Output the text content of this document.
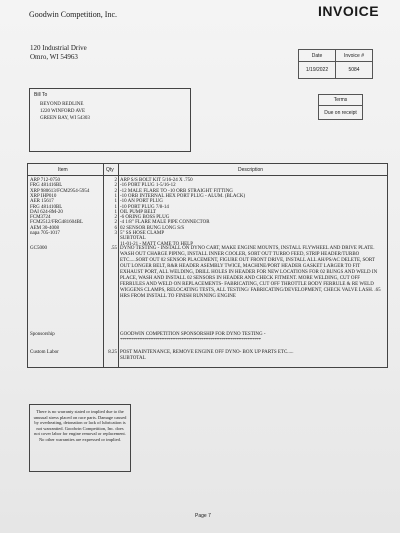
Goodwin Competition, Inc.
120 Industrial Drive
Omro, WI 54963
INVOICE
Date	Invoice #
1/19/2022	5084
Bill To
BEYOND REDLINE
1220 WINFORD AVE
GREEN BAY, WI 54303
Terms
Due on receipt
Item	Qty	Description
ARP 712-0750	2 ARP S/S BOLT KIT 5/16-24 X .750
FRG 481416BL	2 -16 PORT PLUG 1-5/16-12
XRP 980613/FCM2954-5954	2 -12 MALE FLARE TO -10 ORB STRAIGHT FITTING
XRP IHP010	1 -10 ORB INTERNAL HEX PORT PLUG - ALUM. (BLACK)
AER 15617	1 -10 AN PORT PLUG
FRG 481410BL	1 -10 PORT PLUG 7/8-14
DAI 624-8M-20	1 OIL PUMP BELT
FCM3724	2 -6 ORING BOSS PLUG
FCM2512/FRG481604BL	2 -4 1/8" FLARE MALE PIPE CONNECTOR
AEM 30-4008	6 02 SENSOR BUNG LONG S/S
napa 705-1017	3 5" SS HOSE CLAMP
SUBTOTAL
11-01-21 - MATT CAME TO HELP
GC5000	.55 DYNO TESTING - INSTALL ON DYNO CART, MAKE ENGINE MOUNTS, INSTALL FLYWHEEL AND DRIVE PLATE. WASH OUT CHARGE PIPING, INSTALL INNER COOLER, SORT OUT TURBO FEED, STRIP HEADER/TURBO ETC.....SORT OUT 02 SENSOR PLACEMENT, FIGURE OUT FRONT DRIVE, INSTALL ALL AH/PS/AC DELETE, SORT OUT LONGER BELT, R&R HEADER ASEMBLY TWICE, MACHINE/PORT HEADER GASKET LARGER TO FIT EXHAUST PORT, ALL WELDING, DRILL HOLES IN HEADER FOR NEW LOCATIONS FOR 02 BUNGS AND WELD IN PLACE, WASH AND INSTALL 02 SENSORS IN HEADER AND CHECK FITMENT. MORE WELDING, CUT OFF FERRULES AND WELD ON REPLACEMENTS- FABRICATING, CUT OFF THROTTLE BODY FERRULE & RE WELD WIGGENS CLAMPS, RELOCATING TESTS, ALL TESTING/ FABRICATING/DEVELOPMENT, CHECK VALVE LASH. .65 HRS FROM INSTALL TO FINISH RUNNING ENGINE
Sponsorship	GOODWIN COMPETITION SPONSORSHIP FOR DYNO TESTING -
****************************************************************
Custom Labor	8.25 POST MAINTENANCE, REMOVE ENGINE OFF DYNO- BOX UP PARTS ETC.....
SUBTOTAL
There is no warranty stated or implied due to the unusual stress placed on race parts. Damage caused by overheating, detonation or lack of lubrication is not warrantied. Goodwin Competition, Inc. does not cover labor for engine removal or replacement. No other warranties are expressed or implied.
Page 7
